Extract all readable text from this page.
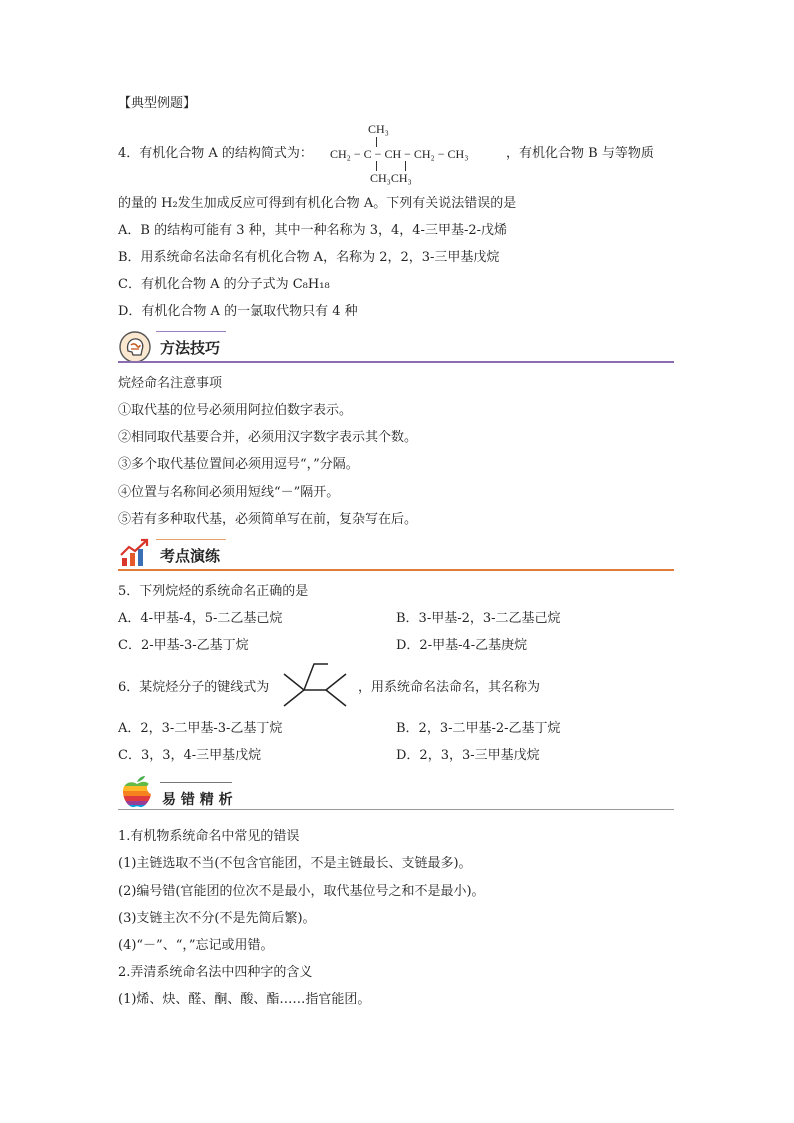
【典型例题】
4．有机化合物 A 的结构简式为：
CH₃
CH₂ − C − CH − CH₂ − CH₃
CH₃CH₃
，有机化合物 B 与等物质
的量的 H₂发生加成反应可得到有机化合物 A。下列有关说法错误的是
A．B 的结构可能有 3 种，其中一种名称为 3，4，4-三甲基-2-戊烯
B．用系统命名法命名有机化合物 A，名称为 2，2，3-三甲基戊烷
C．有机化合物 A 的分子式为 C₈H₁₈
D．有机化合物 A 的一氯取代物只有 4 种
方法技巧
烷烃命名注意事项
①取代基的位号必须用阿拉伯数字表示。
②相同取代基要合并，必须用汉字数字表示其个数。
③多个取代基位置间必须用逗号“，”分隔。
④位置与名称间必须用短线“－”隔开。
⑤若有多种取代基，必须简单写在前，复杂写在后。
考点演练
5．下列烷烃的系统命名正确的是
A．4-甲基-4，5-二乙基己烷	B．3-甲基-2，3-二乙基己烷
C．2-甲基-3-乙基丁烷	D．2-甲基-4-乙基庚烷
6．某烷烃分子的键线式为	，用系统命名法命名，其名称为
A．2，3-二甲基-3-乙基丁烷	B．2，3-二甲基-2-乙基丁烷
C．3，3，4-三甲基戊烷	D．2，3，3-三甲基戊烷
易 错 精 析
1.有机物系统命名中常见的错误
(1)主链选取不当(不包含官能团，不是主链最长、支链最多)。
(2)编号错(官能团的位次不是最小，取代基位号之和不是最小)。
(3)支链主次不分(不是先简后繁)。
(4)“－”、“，”忘记或用错。
2.弄清系统命名法中四种字的含义
(1)烯、炔、醛、酮、酸、酯……指官能团。
